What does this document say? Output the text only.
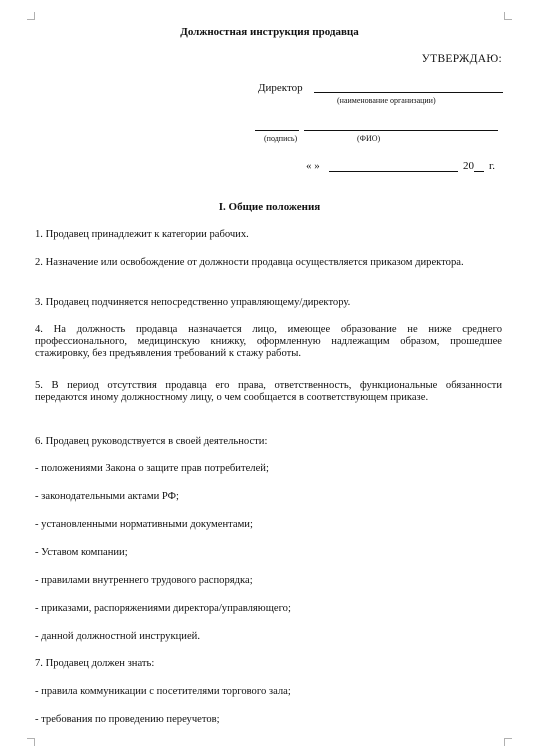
Должностная инструкция продавца
УТВЕРЖДАЮ:
Директор
(наименование организации)
(подпись)	(ФИО)
« »	20 г.
I. Общие положения
1. Продавец принадлежит к категории рабочих.
2. Назначение или освобождение от должности продавца осуществляется приказом директора.
3. Продавец подчиняется непосредственно управляющему/директору.
4. На должность продавца назначается лицо, имеющее образование не ниже среднего профессионального, медицинскую книжку, оформленную надлежащим образом, прошедшее стажировку, без предъявления требований к стажу работы.
5. В период отсутствия продавца его права, ответственность, функциональные обязанности передаются иному должностному лицу, о чем сообщается в соответствующем приказе.
6. Продавец руководствуется в своей деятельности:
- положениями Закона о защите прав потребителей;
- законодательными актами РФ;
- установленными нормативными документами;
- Уставом компании;
- правилами внутреннего трудового распорядка;
- приказами, распоряжениями директора/управляющего;
- данной должностной инструкцией.
7. Продавец должен знать:
- правила коммуникации с посетителями торгового зала;
- требования по проведению переучетов;
